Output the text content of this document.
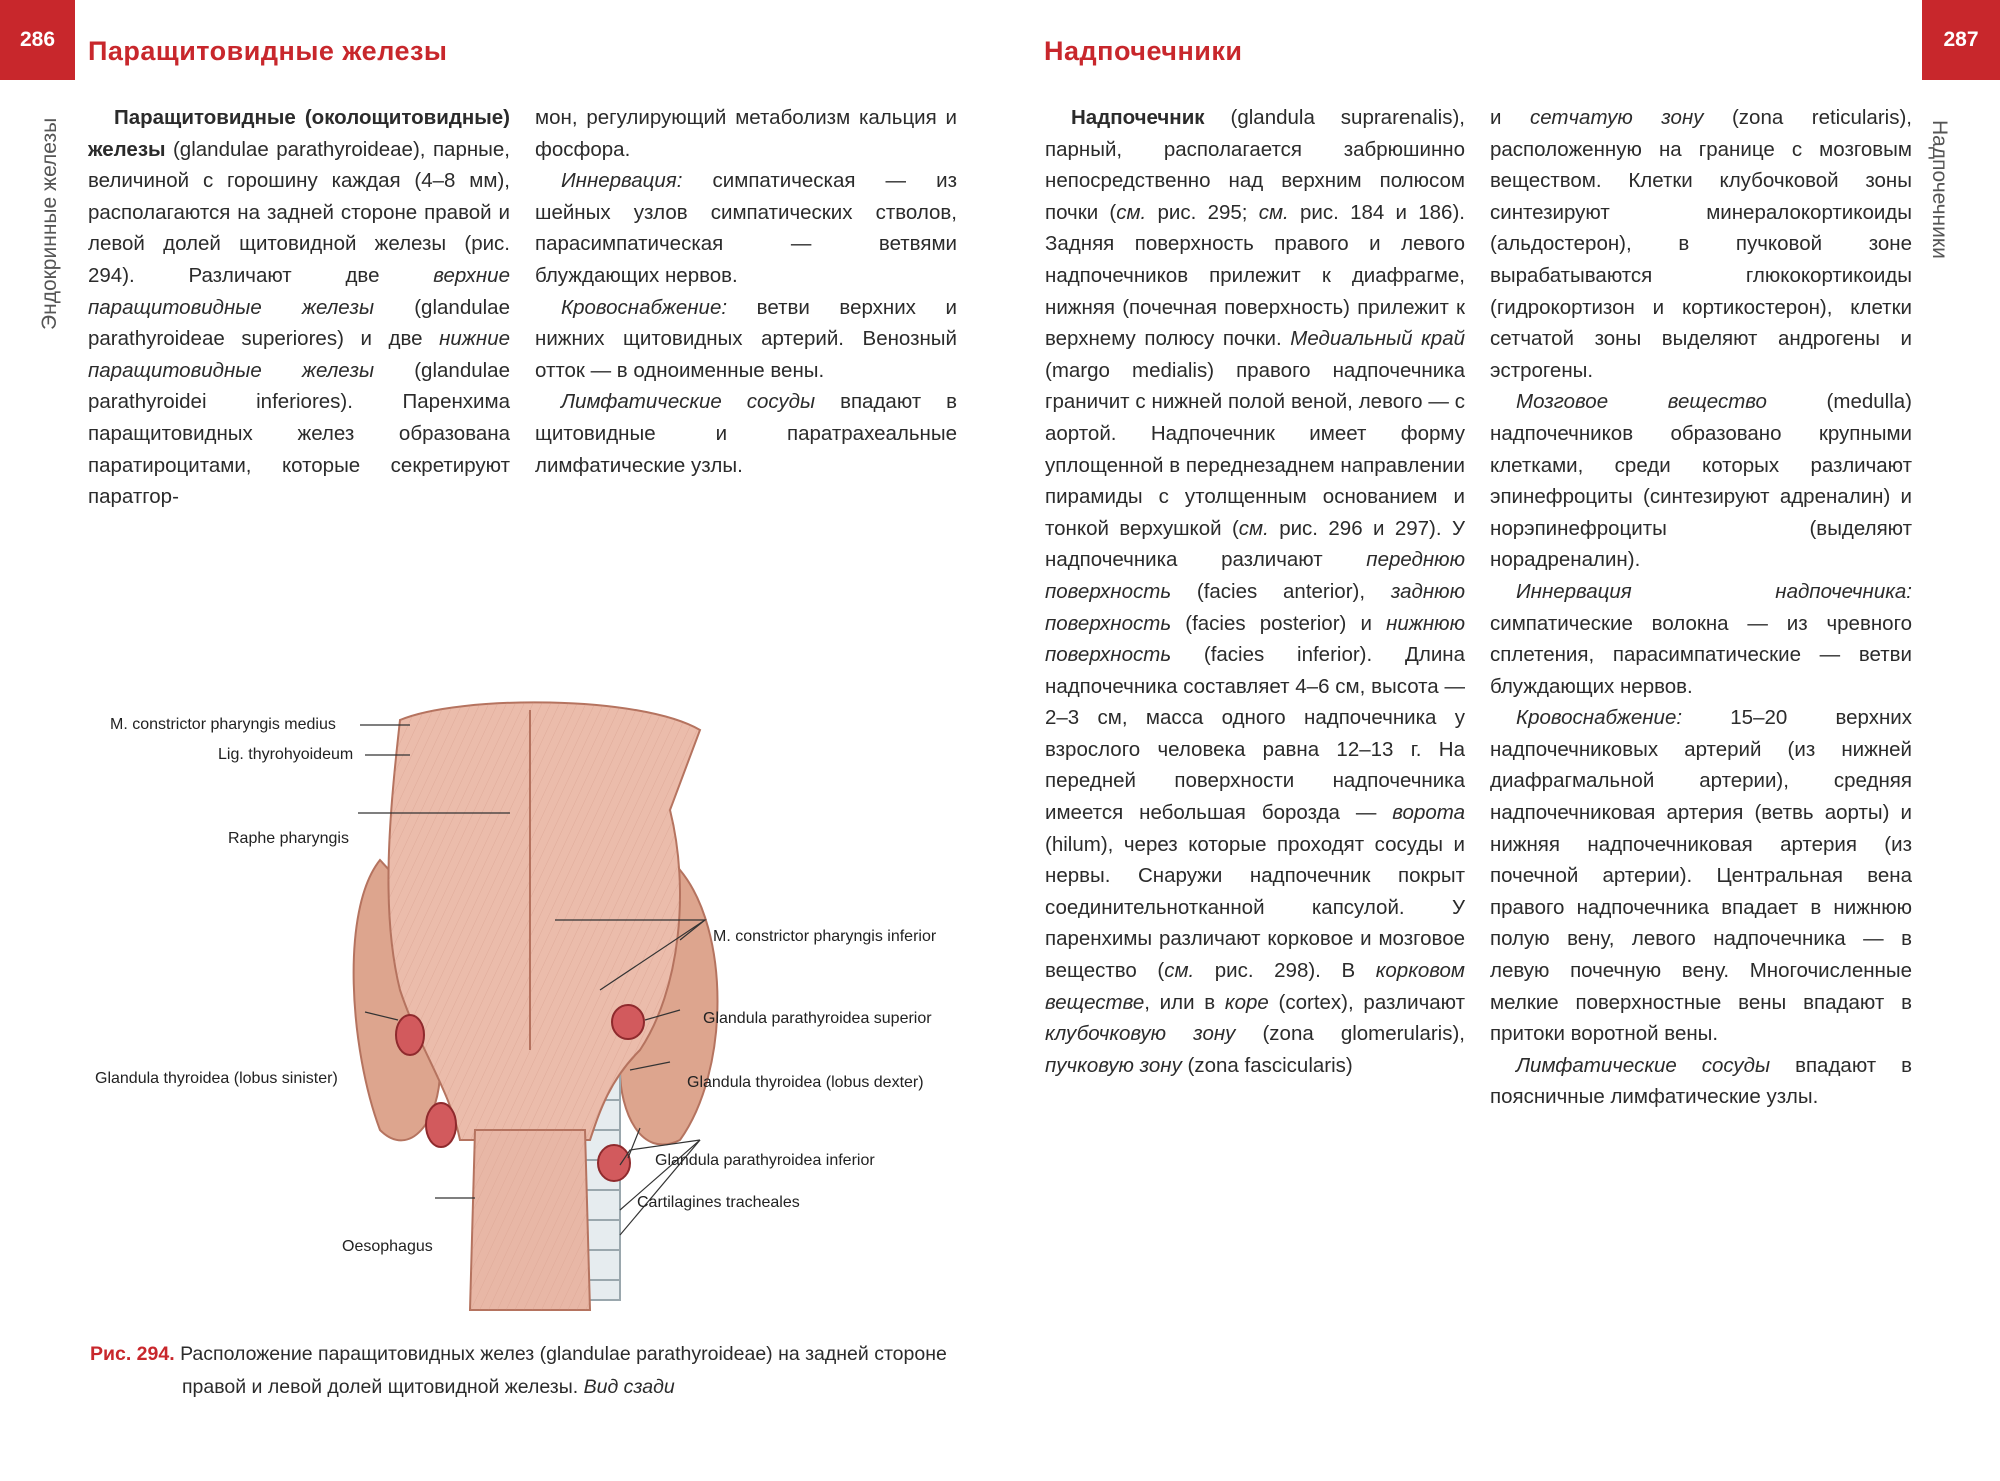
286	Паращитовидные железы
Эндокринные железы

Паращитовидные (околощитовидные) железы (glandulae parathyroideae), парные, величиной с горошину каждая (4–8 мм), располагаются на задней стороне правой и левой долей щитовидной железы (рис. 294). Различают две верхние паращитовидные железы (glandulae parathyroideae superiores) и две нижние паращитовидные железы (glandulae parathyroidei inferiores). Паренхима паращитовидных желез образована паратироцитами, которые секретируют паратгор-

мон, регулирующий метаболизм кальция и фосфора.

Иннервация: симпатическая — из шейных узлов симпатических стволов, парасимпатическая — ветвями блуждающих нервов.

Кровоснабжение: ветви верхних и нижних щитовидных артерий. Венозный отток — в одноименные вены.

Лимфатические сосуды впадают в щитовидные и паратрахеальные лимфатические узлы.

M. constrictor pharyngis medius
Lig. thyrohyoideum
Raphe pharyngis
M. constrictor pharyngis inferior
Glandula parathyroidea superior
Glandula thyroidea (lobus sinister)	Glandula thyroidea (lobus dexter)
Glandula parathyroidea inferior
Cartilagines tracheales
Oesophagus
Рис. 294. Расположение паращитовидных желез (glandulae parathyroideae) на задней стороне
правой и левой долей щитовидной железы. Вид сзади
Надпочечники	287
Надпочечники

Надпочечник (glandula suprarenalis), парный, располагается забрюшинно непосредственно над верхним полюсом почки (см. рис. 295; см. рис. 184 и 186). Задняя поверхность правого и левого надпочечников прилежит к диафрагме, нижняя (почечная поверхность) прилежит к верхнему полюсу почки. Медиальный край (margo medialis) правого надпочечника граничит с нижней полой веной, левого — с аортой. Надпочечник имеет форму уплощенной в переднезаднем направлении пирамиды с утолщенным основанием и тонкой верхушкой (см. рис. 296 и 297). У надпочечника различают переднюю поверхность (facies anterior), заднюю поверхность (facies posterior) и нижнюю поверхность (facies inferior). Длина надпочечника составляет 4–6 см, высота — 2–3 см, масса одного надпочечника у взрослого человека равна 12–13 г. На передней поверхности надпочечника имеется небольшая борозда — ворота (hilum), через которые проходят сосуды и нервы. Снаружи надпочечник покрыт соединительнотканной капсулой. У паренхимы различают корковое и мозговое вещество (см. рис. 298). В корковом веществе, или в коре (cortex), различают клубочковую зону (zona glomerularis), пучковую зону (zona fascicularis)

и сетчатую зону (zona reticularis), расположенную на границе с мозговым веществом. Клетки клубочковой зоны синтезируют минералокортикоиды (альдостерон), в пучковой зоне вырабатываются глюкокортикоиды (гидрокортизон и кортикостерон), клетки сетчатой зоны выделяют андрогены и эстрогены.

Мозговое вещество (medulla) надпочечников образовано крупными клетками, среди которых различают эпинефроциты (синтезируют адреналин) и норэпинефроциты (выделяют норадреналин).

Иннервация надпочечника: симпатические волокна — из чревного сплетения, парасимпатические — ветви блуждающих нервов.

Кровоснабжение: 15–20 верхних надпочечниковых артерий (из нижней диафрагмальной артерии), средняя надпочечниковая артерия (ветвь аорты) и нижняя надпочечниковая артерия (из почечной артерии). Центральная вена правого надпочечника впадает в нижнюю полую вену, левого надпочечника — в левую почечную вену. Многочисленные мелкие поверхностные вены впадают в притоки воротной вены.

Лимфатические сосуды впадают в поясничные лимфатические узлы.
